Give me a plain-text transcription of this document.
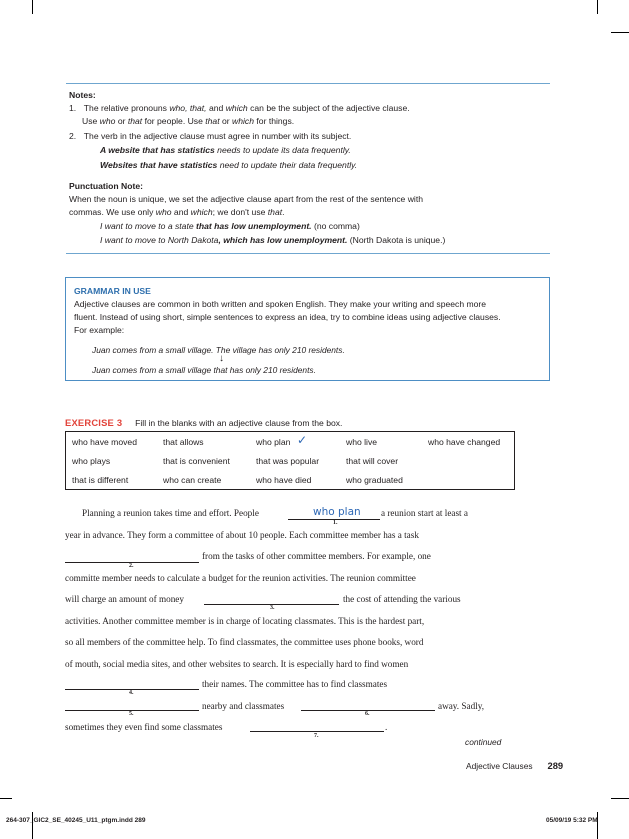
Notes:
1. The relative pronouns who, that, and which can be the subject of the adjective clause.
Use who or that for people. Use that or which for things.
2. The verb in the adjective clause must agree in number with its subject.
A website that has statistics needs to update its data frequently.
Websites that have statistics need to update their data frequently.
Punctuation Note:
When the noun is unique, we set the adjective clause apart from the rest of the sentence with
commas. We use only who and which; we don't use that.
I want to move to a state that has low unemployment. (no comma)
I want to move to North Dakota, which has low unemployment. (North Dakota is unique.)
GRAMMAR IN USE
Adjective clauses are common in both written and spoken English. They make your writing and speech more
fluent. Instead of using short, simple sentences to express an idea, try to combine ideas using adjective clauses.
For example:
Juan comes from a small village. The village has only 210 residents.
↓
Juan comes from a small village that has only 210 residents.
EXERCISE 3 Fill in the blanks with an adjective clause from the box.
who have moved	that allows	who plan ✓	who live	who have changed
who plays	that is convenient	that was popular	that will cover
that is different	who can create	who have died	who graduated
Planning a reunion takes time and effort. People	who plan
1.
a reunion start at least a
year in advance. They form a committee of about 10 people. Each committee member has a task
2.
from the tasks of other committee members. For example, one
committe member needs to calculate a budget for the reunion activities. The reunion committee
will charge an amount of money
3.
the cost of attending the various
activities. Another committee member is in charge of locating classmates. This is the hardest part,
so all members of the committee help. To find classmates, the committee uses phone books, word
of mouth, social media sites, and other websites to search. It is especially hard to find women
4.
their names. The committee has to find classmates
5.
nearby and classmates
6.
away. Sadly,
sometimes they even find some classmates
7.
.
continued
Adjective Clauses 289
264-307_GIC2_SE_40245_U11_ptgm.indd 289	05/09/19 5:32 PM
